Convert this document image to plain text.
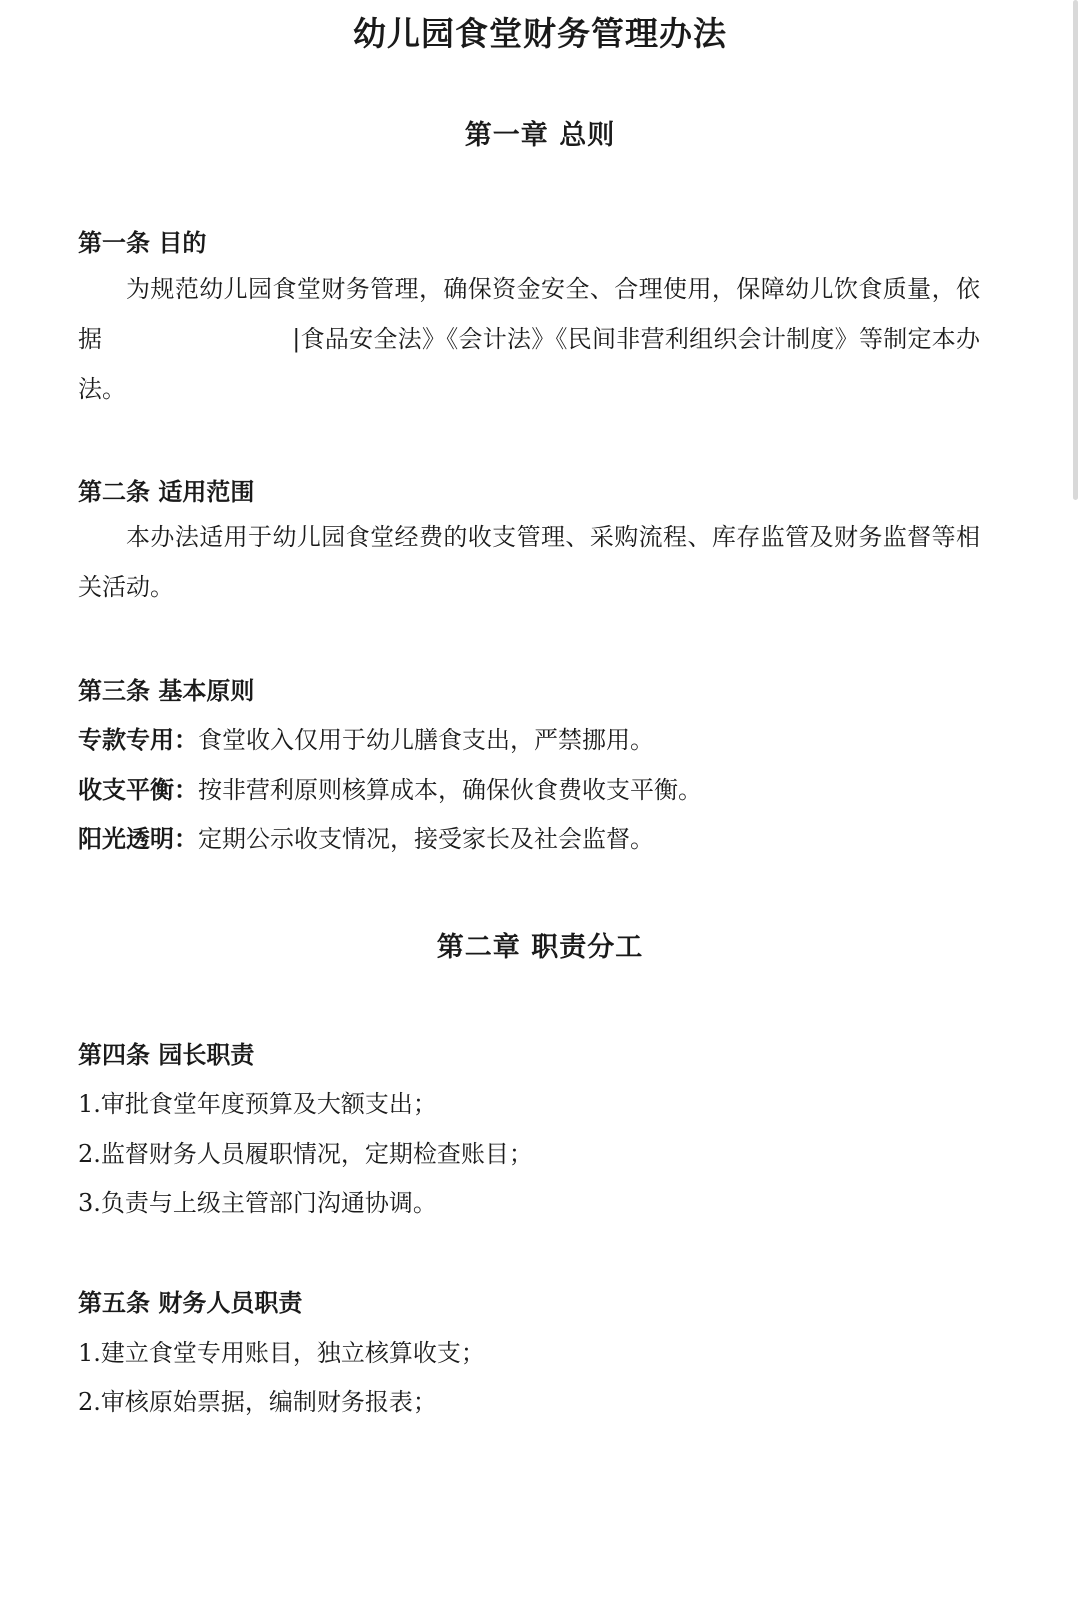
幼儿园食堂财务管理办法
第一章 总则
第一条 目的

为规范幼儿园食堂财务管理，确保资金安全、合理使用，保障幼儿饮食质量，依据	|食品安全法》《会计法》《民间非营利组织会计制度》等制定本办法。

第二条 适用范围

本办法适用于幼儿园食堂经费的收支管理、采购流程、库存监管及财务监督等相关活动。

第三条 基本原则
专款专用：食堂收入仅用于幼儿膳食支出，严禁挪用。
收支平衡：按非营利原则核算成本，确保伙食费收支平衡。
阳光透明：定期公示收支情况，接受家长及社会监督。
第二章 职责分工
第四条 园长职责
1.审批食堂年度预算及大额支出；
2.监督财务人员履职情况，定期检查账目；
3.负责与上级主管部门沟通协调。
第五条 财务人员职责
1.建立食堂专用账目，独立核算收支；
2.审核原始票据，编制财务报表；
